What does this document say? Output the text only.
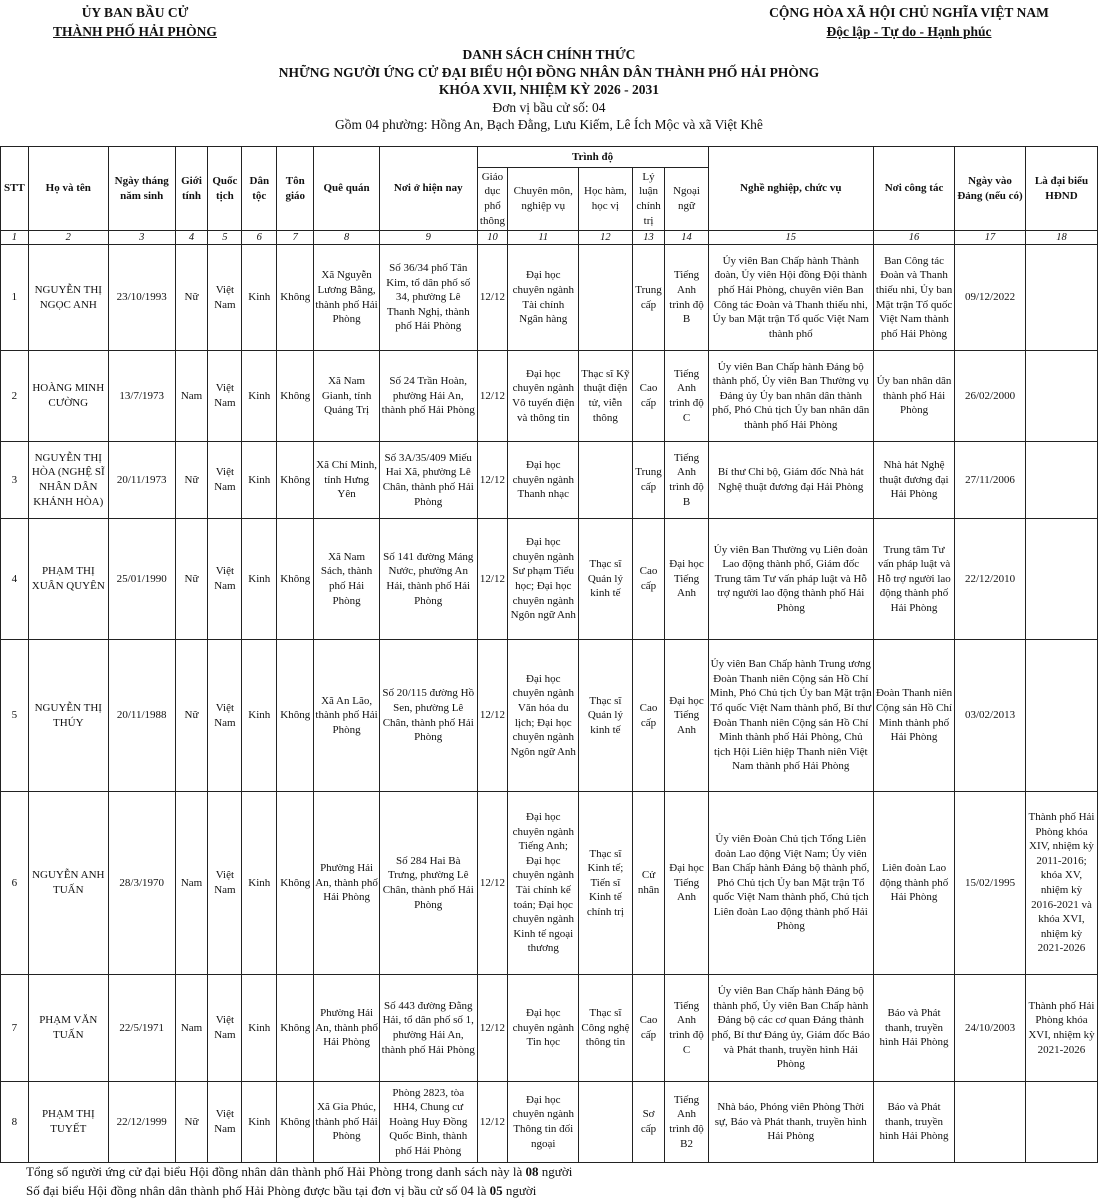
ỦY BAN BẦU CỬ
THÀNH PHỐ HẢI PHÒNG
CỘNG HÒA XÃ HỘI CHỦ NGHĨA VIỆT NAM
Độc lập - Tự do - Hạnh phúc
DANH SÁCH CHÍNH THỨC
NHỮNG NGƯỜI ỨNG CỬ ĐẠI BIỂU HỘI ĐỒNG NHÂN DÂN THÀNH PHỐ HẢI PHÒNG
KHÓA XVII, NHIỆM KỲ 2026 - 2031
Đơn vị bầu cử số: 04
Gồm 04 phường: Hồng An, Bạch Đằng, Lưu Kiếm, Lê Ích Mộc và xã Việt Khê
STT	Họ và tên	Ngày tháng năm sinh	Giới tính	Quốc tịch	Dân tộc	Tôn giáo	Quê quán	Nơi ở hiện nay	Trình độ					Nghề nghiệp, chức vụ	Nơi công tác	Ngày vào Đảng (nếu có)	Là đại biểu HĐND
									Giáo dục phổ thông	Chuyên môn, nghiệp vụ	Học hàm, học vị	Lý luận chính trị	Ngoại ngữ				
1	2	3	4	5	6	7	8	9	10	11	12	13	14	15	16	17	18
1	NGUYỄN THỊ NGỌC ANH	23/10/1993	Nữ	Việt Nam	Kinh	Không	Xã Nguyễn Lương Bằng, thành phố Hải Phòng	Số 36/34 phố Tân Kim, tổ dân phố số 34, phường Lê Thanh Nghị, thành phố Hải Phòng	12/12	Đại học chuyên ngành Tài chính Ngân hàng		Trung cấp	Tiếng Anh trình độ B	Ủy viên Ban Chấp hành Thành đoàn, Ủy viên Hội đồng Đội thành phố Hải Phòng, chuyên viên Ban Công tác Đoàn và Thanh thiếu nhi, Ủy ban Mặt trận Tổ quốc Việt Nam thành phố	Ban Công tác Đoàn và Thanh thiếu nhi, Ủy ban Mặt trận Tổ quốc Việt Nam thành phố Hải Phòng	09/12/2022	
2	HOÀNG MINH CƯỜNG	13/7/1973	Nam	Việt Nam	Kinh	Không	Xã Nam Gianh, tỉnh Quảng Trị	Số 24 Trần Hoàn, phường Hải An, thành phố Hải Phòng	12/12	Đại học chuyên ngành Vô tuyến điện và thông tin	Thạc sĩ Kỹ thuật điện tử, viễn thông	Cao cấp	Tiếng Anh trình độ C	Ủy viên Ban Chấp hành Đảng bộ thành phố, Ủy viên Ban Thường vụ Đảng ủy Ủy ban nhân dân thành phố, Phó Chủ tịch Ủy ban nhân dân thành phố Hải Phòng	Ủy ban nhân dân thành phố Hải Phòng	26/02/2000	
3	NGUYỄN THỊ HÒA (NGHỆ SĨ NHÂN DÂN KHÁNH HÒA)	20/11/1973	Nữ	Việt Nam	Kinh	Không	Xã Chí Minh, tỉnh Hưng Yên	Số 3A/35/409 Miếu Hai Xã, phường Lê Chân, thành phố Hải Phòng	12/12	Đại học chuyên ngành Thanh nhạc		Trung cấp	Tiếng Anh trình độ B	Bí thư Chi bộ, Giám đốc Nhà hát Nghệ thuật đương đại Hải Phòng	Nhà hát Nghệ thuật đương đại Hải Phòng	27/11/2006	
4	PHẠM THỊ XUÂN QUYÊN	25/01/1990	Nữ	Việt Nam	Kinh	Không	Xã Nam Sách, thành phố Hải Phòng	Số 141 đường Máng Nước, phường An Hải, thành phố Hải Phòng	12/12	Đại học chuyên ngành Sư phạm Tiểu học; Đại học chuyên ngành Ngôn ngữ Anh	Thạc sĩ Quản lý kinh tế	Cao cấp	Đại học Tiếng Anh	Ủy viên Ban Thường vụ Liên đoàn Lao động thành phố, Giám đốc Trung tâm Tư vấn pháp luật và Hỗ trợ người lao động thành phố Hải Phòng	Trung tâm Tư vấn pháp luật và Hỗ trợ người lao động thành phố Hải Phòng	22/12/2010	
5	NGUYỄN THỊ THÚY	20/11/1988	Nữ	Việt Nam	Kinh	Không	Xã An Lão, thành phố Hải Phòng	Số 20/115 đường Hồ Sen, phường Lê Chân, thành phố Hải Phòng	12/12	Đại học chuyên ngành Văn hóa du lịch; Đại học chuyên ngành Ngôn ngữ Anh	Thạc sĩ Quản lý kinh tế	Cao cấp	Đại học Tiếng Anh	Ủy viên Ban Chấp hành Trung ương Đoàn Thanh niên Cộng sản Hồ Chí Minh, Phó Chủ tịch Ủy ban Mặt trận Tổ quốc Việt Nam thành phố, Bí thư Đoàn Thanh niên Cộng sản Hồ Chí Minh thành phố Hải Phòng, Chủ tịch Hội Liên hiệp Thanh niên Việt Nam thành phố Hải Phòng	Đoàn Thanh niên Cộng sản Hồ Chí Minh thành phố Hải Phòng	03/02/2013	
6	NGUYỄN ANH TUẤN	28/3/1970	Nam	Việt Nam	Kinh	Không	Phường Hải An, thành phố Hải Phòng	Số 284 Hai Bà Trưng, phường Lê Chân, thành phố Hải Phòng	12/12	Đại học chuyên ngành Tiếng Anh; Đại học chuyên ngành Tài chính kế toán; Đại học chuyên ngành Kinh tế ngoại thương	Thạc sĩ Kinh tế; Tiến sĩ Kinh tế chính trị	Cử nhân	Đại học Tiếng Anh	Ủy viên Đoàn Chủ tịch Tổng Liên đoàn Lao động Việt Nam; Ủy viên Ban Chấp hành Đảng bộ thành phố, Phó Chủ tịch Ủy ban Mặt trận Tổ quốc Việt Nam thành phố, Chủ tịch Liên đoàn Lao động thành phố Hải Phòng	Liên đoàn Lao động thành phố Hải Phòng	15/02/1995	Thành phố Hải Phòng khóa XIV, nhiệm kỳ 2011-2016; khóa XV, nhiệm kỳ 2016-2021 và khóa XVI, nhiệm kỳ 2021-2026
7	PHẠM VĂN TUẤN	22/5/1971	Nam	Việt Nam	Kinh	Không	Phường Hải An, thành phố Hải Phòng	Số 443 đường Đằng Hải, tổ dân phố số 1, phường Hải An, thành phố Hải Phòng	12/12	Đại học chuyên ngành Tin học	Thạc sĩ Công nghệ thông tin	Cao cấp	Tiếng Anh trình độ C	Ủy viên Ban Chấp hành Đảng bộ thành phố, Ủy viên Ban Chấp hành Đảng bộ các cơ quan Đảng thành phố, Bí thư Đảng ủy, Giám đốc Báo và Phát thanh, truyền hình Hải Phòng	Báo và Phát thanh, truyền hình Hải Phòng	24/10/2003	Thành phố Hải Phòng khóa XVI, nhiệm kỳ 2021-2026
8	PHẠM THỊ TUYẾT	22/12/1999	Nữ	Việt Nam	Kinh	Không	Xã Gia Phúc, thành phố Hải Phòng	Phòng 2823, tòa HH4, Chung cư Hoàng Huy Đồng Quốc Bình, thành phố Hải Phòng	12/12	Đại học chuyên ngành Thông tin đối ngoại		Sơ cấp	Tiếng Anh trình độ B2	Nhà báo, Phóng viên Phòng Thời sự, Báo và Phát thanh, truyền hình Hải Phòng	Báo và Phát thanh, truyền hình Hải Phòng		
Tổng số người ứng cử đại biểu Hội đồng nhân dân thành phố Hải Phòng trong danh sách này là 08 người
Số đại biểu Hội đồng nhân dân thành phố Hải Phòng được bầu tại đơn vị bầu cử số 04 là 05 người
